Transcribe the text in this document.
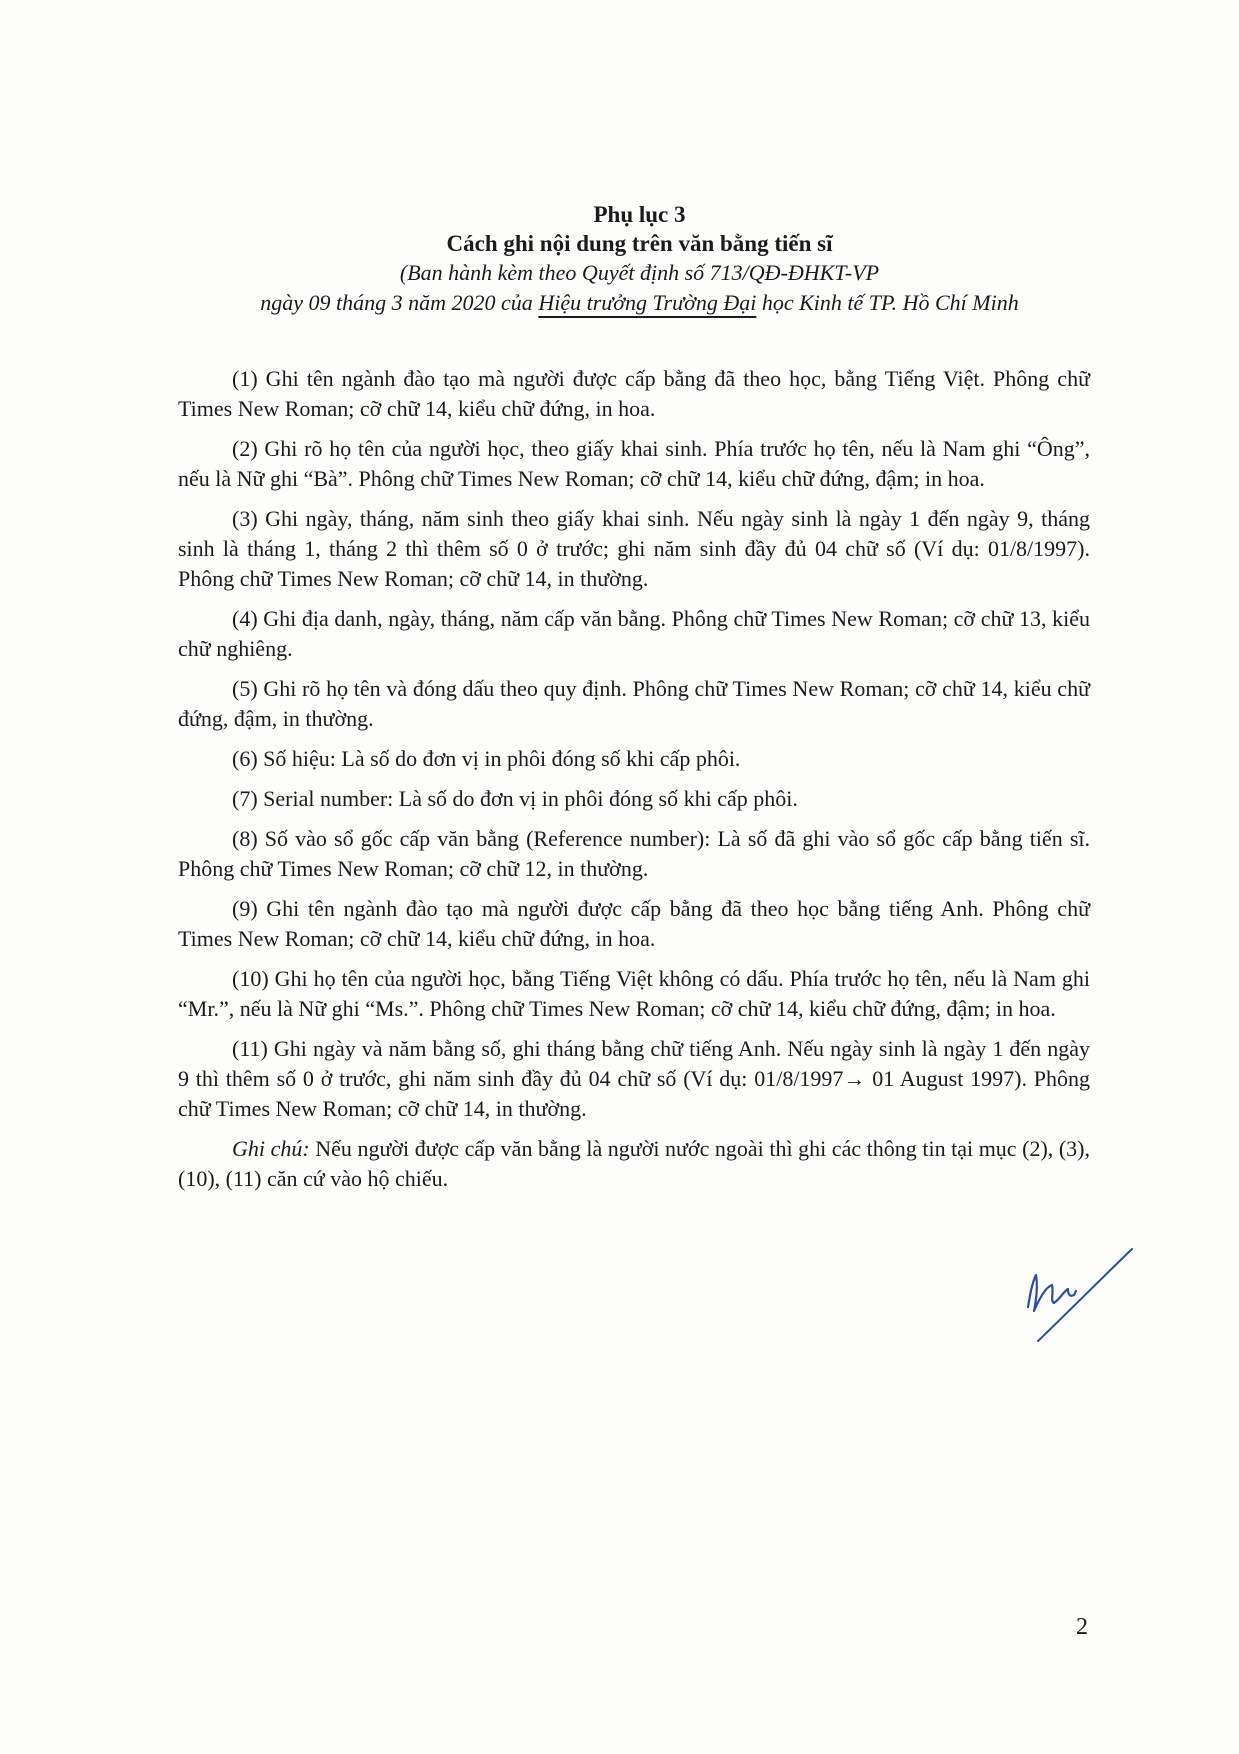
Phụ lục 3
Cách ghi nội dung trên văn bằng tiến sĩ
(Ban hành kèm theo Quyết định số 713/QĐ-ĐHKT-VP
ngày 09 tháng 3 năm 2020 của Hiệu trưởng Trường Đại học Kinh tế TP. Hồ Chí Minh

(1) Ghi tên ngành đào tạo mà người được cấp bằng đã theo học, bằng Tiếng Việt. Phông chữ Times New Roman; cỡ chữ 14, kiểu chữ đứng, in hoa.

(2) Ghi rõ họ tên của người học, theo giấy khai sinh. Phía trước họ tên, nếu là Nam ghi “Ông”, nếu là Nữ ghi “Bà”. Phông chữ Times New Roman; cỡ chữ 14, kiểu chữ đứng, đậm; in hoa.

(3) Ghi ngày, tháng, năm sinh theo giấy khai sinh. Nếu ngày sinh là ngày 1 đến ngày 9, tháng sinh là tháng 1, tháng 2 thì thêm số 0 ở trước; ghi năm sinh đầy đủ 04 chữ số (Ví dụ: 01/8/1997). Phông chữ Times New Roman; cỡ chữ 14, in thường.

(4) Ghi địa danh, ngày, tháng, năm cấp văn bằng. Phông chữ Times New Roman; cỡ chữ 13, kiểu chữ nghiêng.

(5) Ghi rõ họ tên và đóng dấu theo quy định. Phông chữ Times New Roman; cỡ chữ 14, kiểu chữ đứng, đậm, in thường.

(6) Số hiệu: Là số do đơn vị in phôi đóng số khi cấp phôi.

(7) Serial number: Là số do đơn vị in phôi đóng số khi cấp phôi.

(8) Số vào sổ gốc cấp văn bằng (Reference number): Là số đã ghi vào sổ gốc cấp bằng tiến sĩ. Phông chữ Times New Roman; cỡ chữ 12, in thường.

(9) Ghi tên ngành đào tạo mà người được cấp bằng đã theo học bằng tiếng Anh. Phông chữ Times New Roman; cỡ chữ 14, kiểu chữ đứng, in hoa.

(10) Ghi họ tên của người học, bằng Tiếng Việt không có dấu. Phía trước họ tên, nếu là Nam ghi “Mr.”, nếu là Nữ ghi “Ms.”. Phông chữ Times New Roman; cỡ chữ 14, kiểu chữ đứng, đậm; in hoa.

(11) Ghi ngày và năm bằng số, ghi tháng bằng chữ tiếng Anh. Nếu ngày sinh là ngày 1 đến ngày 9 thì thêm số 0 ở trước, ghi năm sinh đầy đủ 04 chữ số (Ví dụ: 01/8/1997→ 01 August 1997). Phông chữ Times New Roman; cỡ chữ 14, in thường.

Ghi chú: Nếu người được cấp văn bằng là người nước ngoài thì ghi các thông tin tại mục (2), (3), (10), (11) căn cứ vào hộ chiếu.

2
